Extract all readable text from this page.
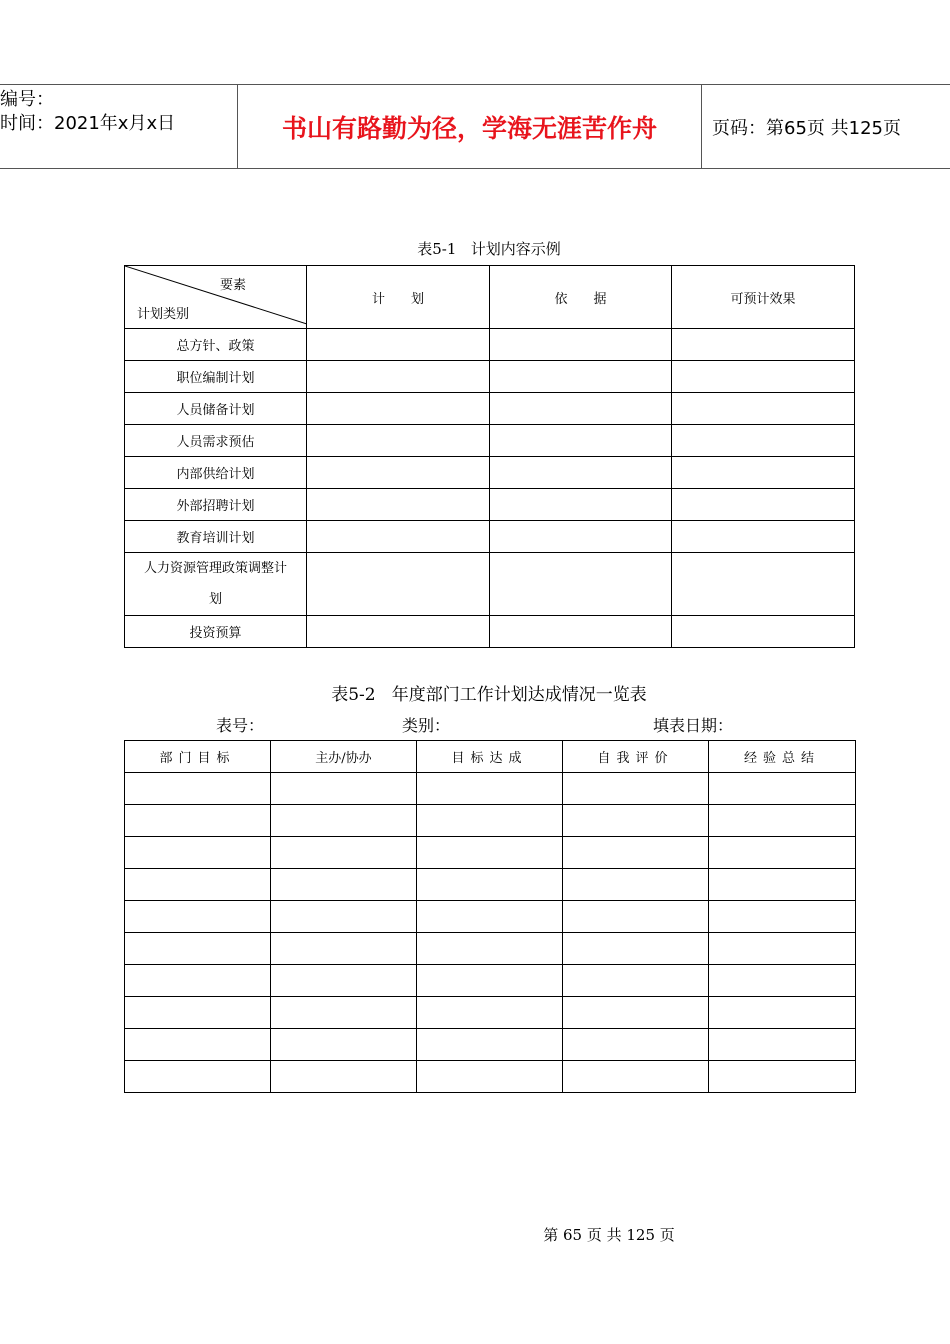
编号：
时间：2021年x月x日	书山有路勤为径，学海无涯苦作舟	页码：第65页 共125页
表5-1   计划内容示例
要素
计划类别	计　　划	依　　据	可预计效果
总方针、政策			
职位编制计划			
人员储备计划			
人员需求预估			
内部供给计划			
外部招聘计划			
教育培训计划			
人力资源管理政策调整计划			
投资预算			
表5-2   年度部门工作计划达成情况一览表
表号：	类别：	填表日期：
部门目标	主办/协办	目标达成	自我评价	经验总结

第 65 页 共 125 页
